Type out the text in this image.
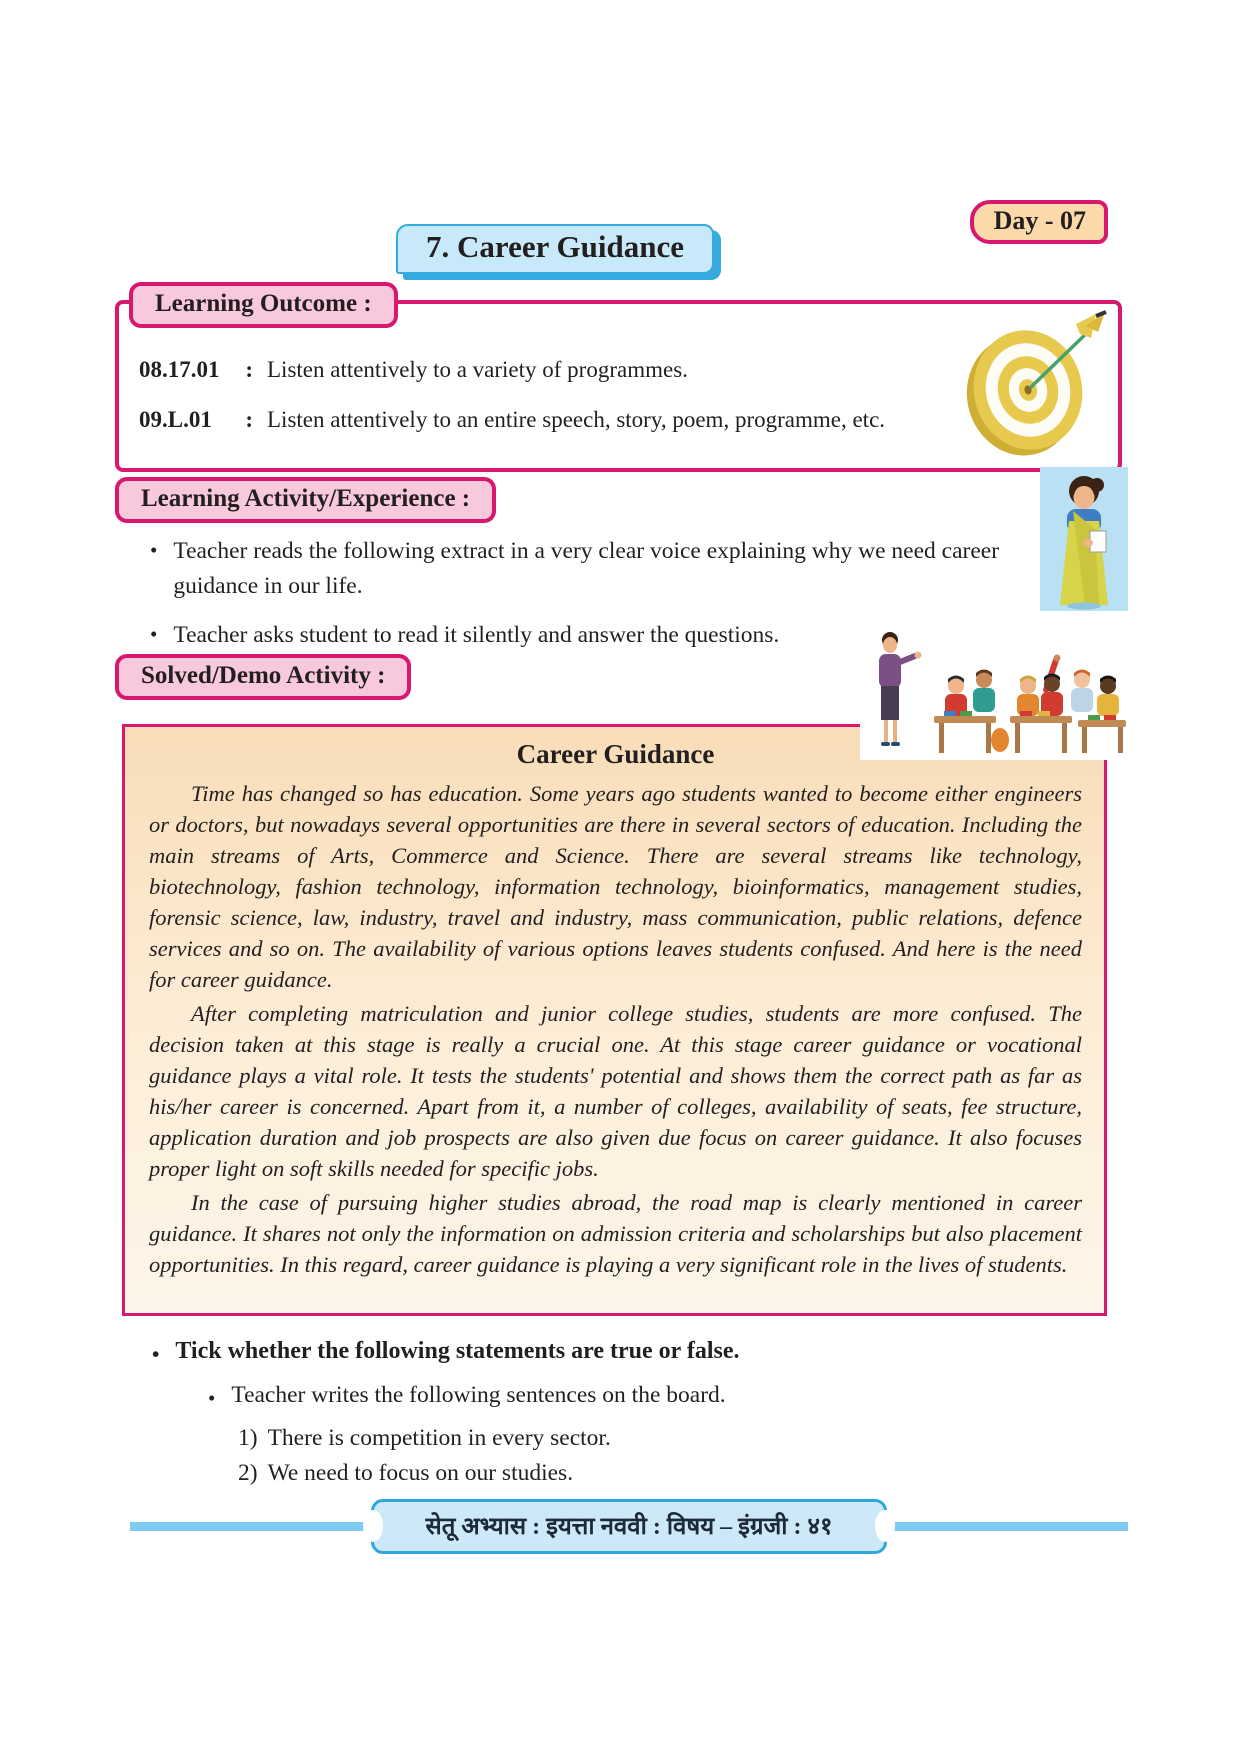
Day - 07
7. Career Guidance
Learning Outcome :
08.17.01 : Listen attentively to a variety of programmes.
09.L.01 : Listen attentively to an entire speech, story, poem, programme, etc.
Learning Activity/Experience :
• Teacher reads the following extract in a very clear voice explaining why we need career guidance in our life.
• Teacher asks student to read it silently and answer the questions.
Solved/Demo Activity :
Career Guidance

Time has changed so has education. Some years ago students wanted to become either engineers or doctors, but nowadays several opportunities are there in several sectors of education. Including the main streams of Arts, Commerce and Science. There are several streams like technology, biotechnology, fashion technology, information technology, bioinformatics, management studies, forensic science, law, industry, travel and industry, mass communication, public relations, defence services and so on. The availability of various options leaves students confused. And here is the need for career guidance.

After completing matriculation and junior college studies, students are more confused. The decision taken at this stage is really a crucial one. At this stage career guidance or vocational guidance plays a vital role. It tests the students' potential and shows them the correct path as far as his/her career is concerned. Apart from it, a number of colleges, availability of seats, fee structure, application duration and job prospects are also given due focus on career guidance. It also focuses proper light on soft skills needed for specific jobs.

In the case of pursuing higher studies abroad, the road map is clearly mentioned in career guidance. It shares not only the information on admission criteria and scholarships but also placement opportunities. In this regard, career guidance is playing a very significant role in the lives of students.

• Tick whether the following statements are true or false.
• Teacher writes the following sentences on the board.
1) There is competition in every sector.
2) We need to focus on our studies.
सेतू अभ्यास : इयत्ता नववी : विषय – इंग्रजी : ४१
